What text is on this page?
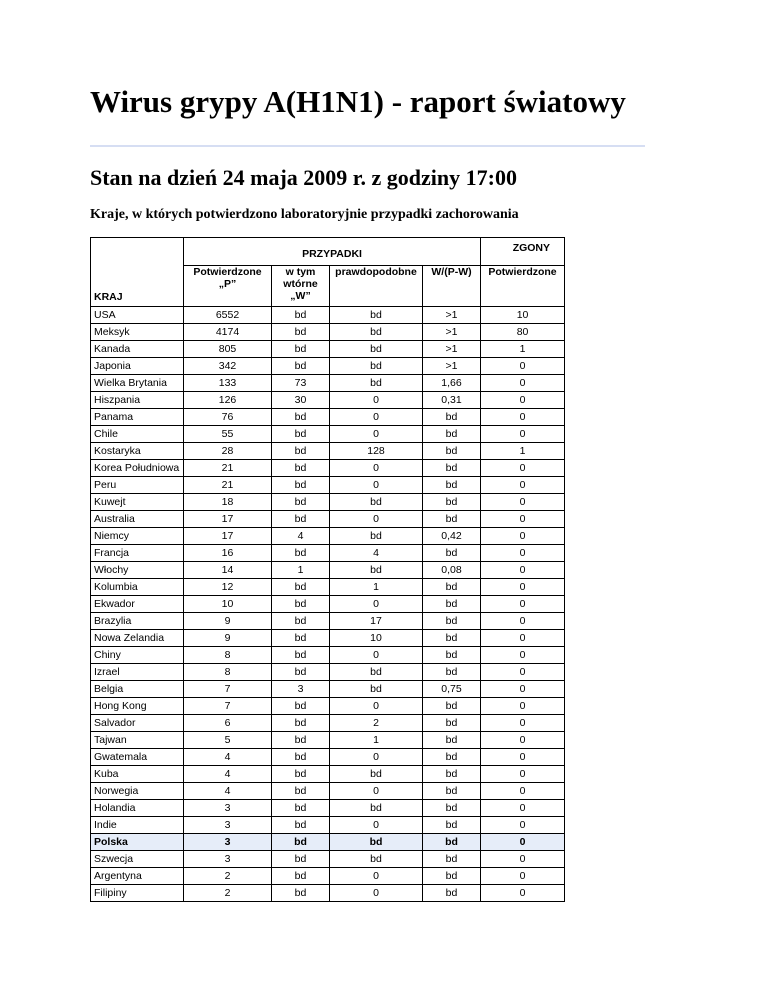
Wirus grypy A(H1N1) - raport światowy
Stan na dzień 24 maja 2009 r. z godziny 17:00

Kraje, w których potwierdzono laboratoryjnie przypadki zachorowania

KRAJ	PRZYPADKI				ZGONY
	Potwierdzone „P”	w tym wtórne „W”	prawdopodobne	W/(P-W)	Potwierdzone
USA	6552	bd	bd	>1	10
Meksyk	4174	bd	bd	>1	80
Kanada	805	bd	bd	>1	1
Japonia	342	bd	bd	>1	0
Wielka Brytania	133	73	bd	1,66	0
Hiszpania	126	30	0	0,31	0
Panama	76	bd	0	bd	0
Chile	55	bd	0	bd	0
Kostaryka	28	bd	128	bd	1
Korea Południowa	21	bd	0	bd	0
Peru	21	bd	0	bd	0
Kuwejt	18	bd	bd	bd	0
Australia	17	bd	0	bd	0
Niemcy	17	4	bd	0,42	0
Francja	16	bd	4	bd	0
Włochy	14	1	bd	0,08	0
Kolumbia	12	bd	1	bd	0
Ekwador	10	bd	0	bd	0
Brazylia	9	bd	17	bd	0
Nowa Zelandia	9	bd	10	bd	0
Chiny	8	bd	0	bd	0
Izrael	8	bd	bd	bd	0
Belgia	7	3	bd	0,75	0
Hong Kong	7	bd	0	bd	0
Salvador	6	bd	2	bd	0
Tajwan	5	bd	1	bd	0
Gwatemala	4	bd	0	bd	0
Kuba	4	bd	bd	bd	0
Norwegia	4	bd	0	bd	0
Holandia	3	bd	bd	bd	0
Indie	3	bd	0	bd	0
Polska	3	bd	bd	bd	0
Szwecja	3	bd	bd	bd	0
Argentyna	2	bd	0	bd	0
Filipiny	2	bd	0	bd	0
